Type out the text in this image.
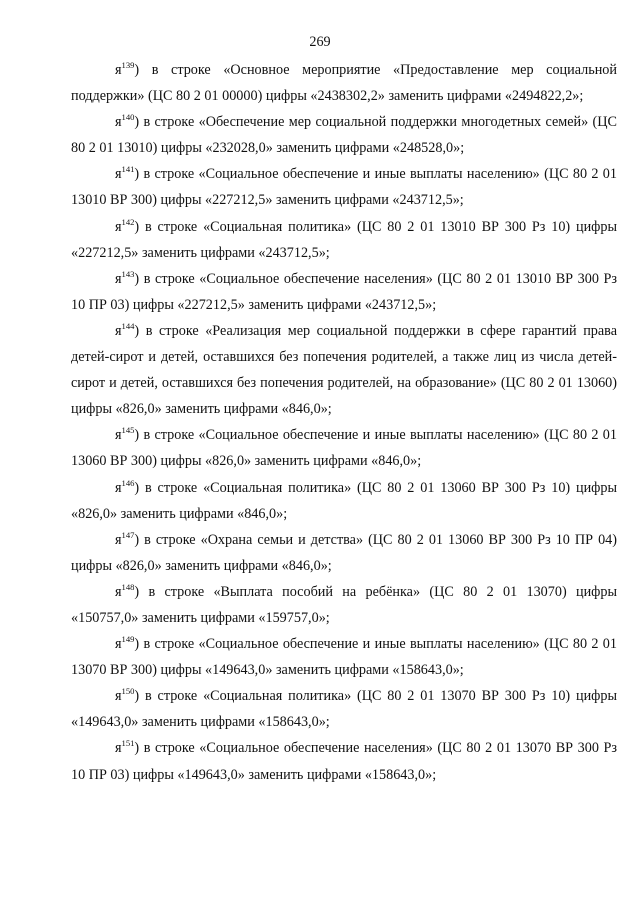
269

$я^{139}$) в строке «Основное мероприятие «Предоставление мер социальной поддержки» (ЦС 80 2 01 00000) цифры «2438302,2» заменить цифрами «2494822,2»;

$я^{140}$) в строке «Обеспечение мер социальной поддержки многодетных семей» (ЦС 80 2 01 13010) цифры «232028,0» заменить цифрами «248528,0»;

$я^{141}$) в строке «Социальное обеспечение и иные выплаты населению» (ЦС 80 2 01 13010 ВР 300) цифры «227212,5» заменить цифрами «243712,5»;

$я^{142}$) в строке «Социальная политика» (ЦС 80 2 01 13010 ВР 300 Рз 10) цифры «227212,5» заменить цифрами «243712,5»;

$я^{143}$) в строке «Социальное обеспечение населения» (ЦС 80 2 01 13010 ВР 300 Рз 10 ПР 03) цифры «227212,5» заменить цифрами «243712,5»;

$я^{144}$) в строке «Реализация мер социальной поддержки в сфере гарантий права детей-сирот и детей, оставшихся без попечения родителей, а также лиц из числа детей-сирот и детей, оставшихся без попечения родителей, на образование» (ЦС 80 2 01 13060) цифры «826,0» заменить цифрами «846,0»;

$я^{145}$) в строке «Социальное обеспечение и иные выплаты населению» (ЦС 80 2 01 13060 ВР 300) цифры «826,0» заменить цифрами «846,0»;

$я^{146}$) в строке «Социальная политика» (ЦС 80 2 01 13060 ВР 300 Рз 10) цифры «826,0» заменить цифрами «846,0»;

$я^{147}$) в строке «Охрана семьи и детства» (ЦС 80 2 01 13060 ВР 300 Рз 10 ПР 04) цифры «826,0» заменить цифрами «846,0»;

$я^{148}$) в строке «Выплата пособий на ребёнка» (ЦС 80 2 01 13070) цифры «150757,0» заменить цифрами «159757,0»;

$я^{149}$) в строке «Социальное обеспечение и иные выплаты населению» (ЦС 80 2 01 13070 ВР 300) цифры «149643,0» заменить цифрами «158643,0»;

$я^{150}$) в строке «Социальная политика» (ЦС 80 2 01 13070 ВР 300 Рз 10) цифры «149643,0» заменить цифрами «158643,0»;

$я^{151}$) в строке «Социальное обеспечение населения» (ЦС 80 2 01 13070 ВР 300 Рз 10 ПР 03) цифры «149643,0» заменить цифрами «158643,0»;
